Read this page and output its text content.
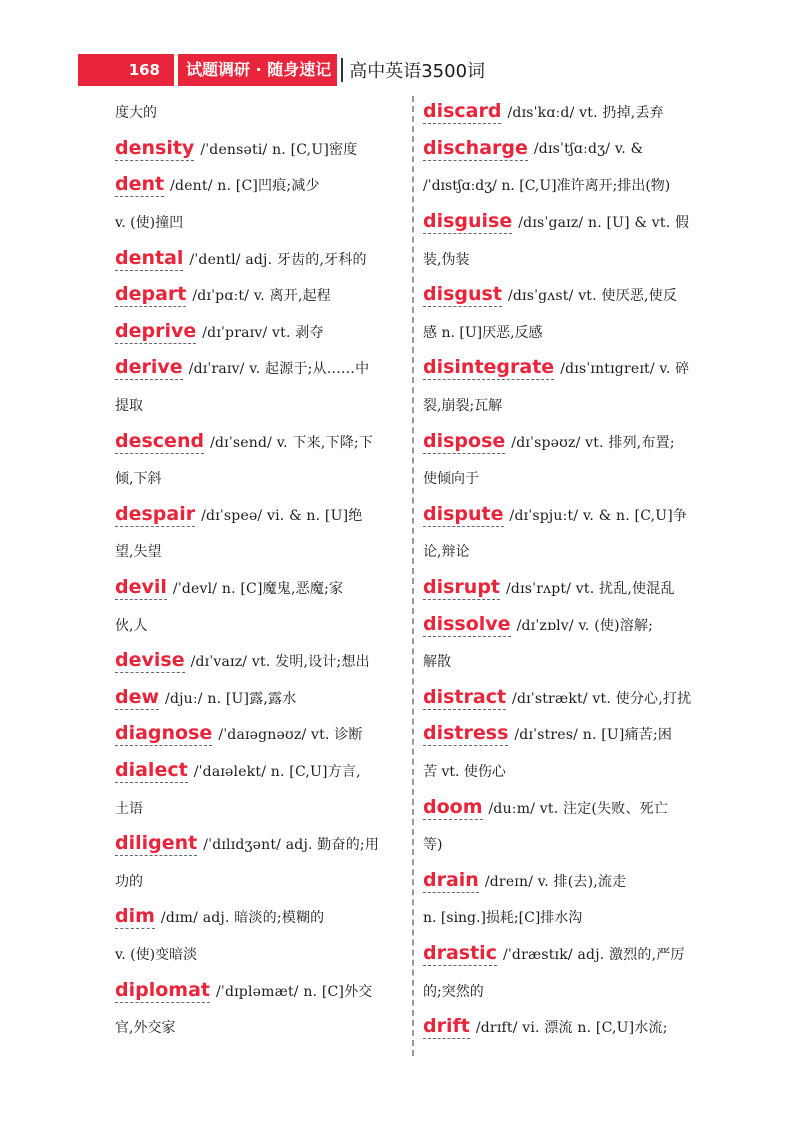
168	试题调研 · 随身速记	高中英语3500词
度大的
density /ˈdensəti/ n. [C,U]密度
dent /dent/ n. [C]凹痕;减少
v. (使)撞凹
dental /ˈdentl/ adj. 牙齿的,牙科的
depart /dɪˈpɑːt/ v. 离开,起程
deprive /dɪˈpraɪv/ vt. 剥夺
derive /dɪˈraɪv/ v. 起源于;从……中
提取
descend /dɪˈsend/ v. 下来,下降;下
倾,下斜
despair /dɪˈspeə/ vi. & n. [U]绝
望,失望
devil /ˈdevl/ n. [C]魔鬼,恶魔;家
伙,人
devise /dɪˈvaɪz/ vt. 发明,设计;想出
dew /djuː/ n. [U]露,露水
diagnose /ˈdaɪəgnəʊz/ vt. 诊断
dialect /ˈdaɪəlekt/ n. [C,U]方言,
土语
diligent /ˈdɪlɪdʒənt/ adj. 勤奋的;用
功的
dim /dɪm/ adj. 暗淡的;模糊的
v. (使)变暗淡
diplomat /ˈdɪpləmæt/ n. [C]外交
官,外交家
discard /dɪsˈkɑːd/ vt. 扔掉,丢弃
discharge /dɪsˈtʃɑːdʒ/ v. &
/ˈdɪstʃɑːdʒ/ n. [C,U]准许离开;排出(物)
disguise /dɪsˈgaɪz/ n. [U] & vt. 假
装,伪装
disgust /dɪsˈgʌst/ vt. 使厌恶,使反
感 n. [U]厌恶,反感
disintegrate /dɪsˈɪntɪgreɪt/ v. 碎
裂,崩裂;瓦解
dispose /dɪˈspəʊz/ vt. 排列,布置;
使倾向于
dispute /dɪˈspjuːt/ v. & n. [C,U]争
论,辩论
disrupt /dɪsˈrʌpt/ vt. 扰乱,使混乱
dissolve /dɪˈzɒlv/ v. (使)溶解;
解散
distract /dɪˈstrækt/ vt. 使分心,打扰
distress /dɪˈstres/ n. [U]痛苦;困
苦 vt. 使伤心
doom /duːm/ vt. 注定(失败、死亡
等)
drain /dreɪn/ v. 排(去),流走
n. [sing.]损耗;[C]排水沟
drastic /ˈdræstɪk/ adj. 激烈的,严厉
的;突然的
drift /drɪft/ vi. 漂流 n. [C,U]水流;
